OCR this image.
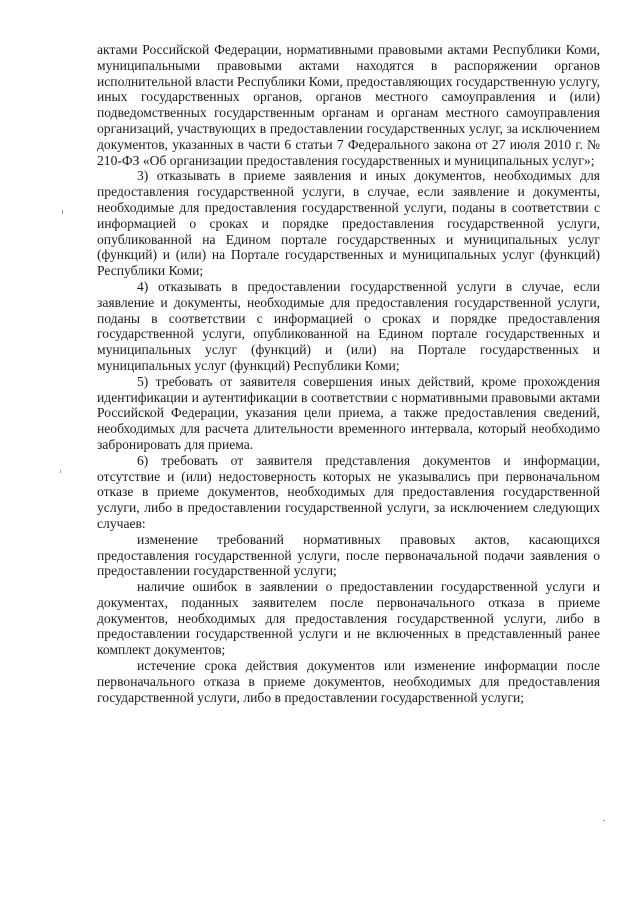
актами Российской Федерации, нормативными правовыми актами Республики Коми, муниципальными правовыми актами находятся в распоряжении органов исполнительной власти Республики Коми, предоставляющих государственную услугу, иных государственных органов, органов местного самоуправления и (или) подведомственных государственным органам и органам местного самоуправления организаций, участвующих в предоставлении государственных услуг, за исключением документов, указанных в части 6 статьи 7 Федерального закона от 27 июля 2010 г. № 210-ФЗ «Об организации предоставления государственных и муниципальных услуг»;

3) отказывать в приеме заявления и иных документов, необходимых для предоставления государственной услуги, в случае, если заявление и документы, необходимые для предоставления государственной услуги, поданы в соответствии с информацией о сроках и порядке предоставления государственной услуги, опубликованной на Едином портале государственных и муниципальных услуг (функций) и (или) на Портале государственных и муниципальных услуг (функций) Республики Коми;

4) отказывать в предоставлении государственной услуги в случае, если заявление и документы, необходимые для предоставления государственной услуги, поданы в соответствии с информацией о сроках и порядке предоставления государственной услуги, опубликованной на Едином портале государственных и муниципальных услуг (функций) и (или) на Портале государственных и муниципальных услуг (функций) Республики Коми;

5) требовать от заявителя совершения иных действий, кроме прохождения идентификации и аутентификации в соответствии с нормативными правовыми актами Российской Федерации, указания цели приема, а также предоставления сведений, необходимых для расчета длительности временного интервала, который необходимо забронировать для приема.

6) требовать от заявителя представления документов и информации, отсутствие и (или) недостоверность которых не указывались при первоначальном отказе в приеме документов, необходимых для предоставления государственной услуги, либо в предоставлении государственной услуги, за исключением следующих случаев:

изменение требований нормативных правовых актов, касающихся предоставления государственной услуги, после первоначальной подачи заявления о предоставлении государственной услуги;

наличие ошибок в заявлении о предоставлении государственной услуги и документах, поданных заявителем после первоначального отказа в приеме документов, необходимых для предоставления государственной услуги, либо в предоставлении государственной услуги и не включенных в представленный ранее комплект документов;

истечение срока действия документов или изменение информации после первоначального отказа в приеме документов, необходимых для предоставления государственной услуги, либо в предоставлении государственной услуги;
